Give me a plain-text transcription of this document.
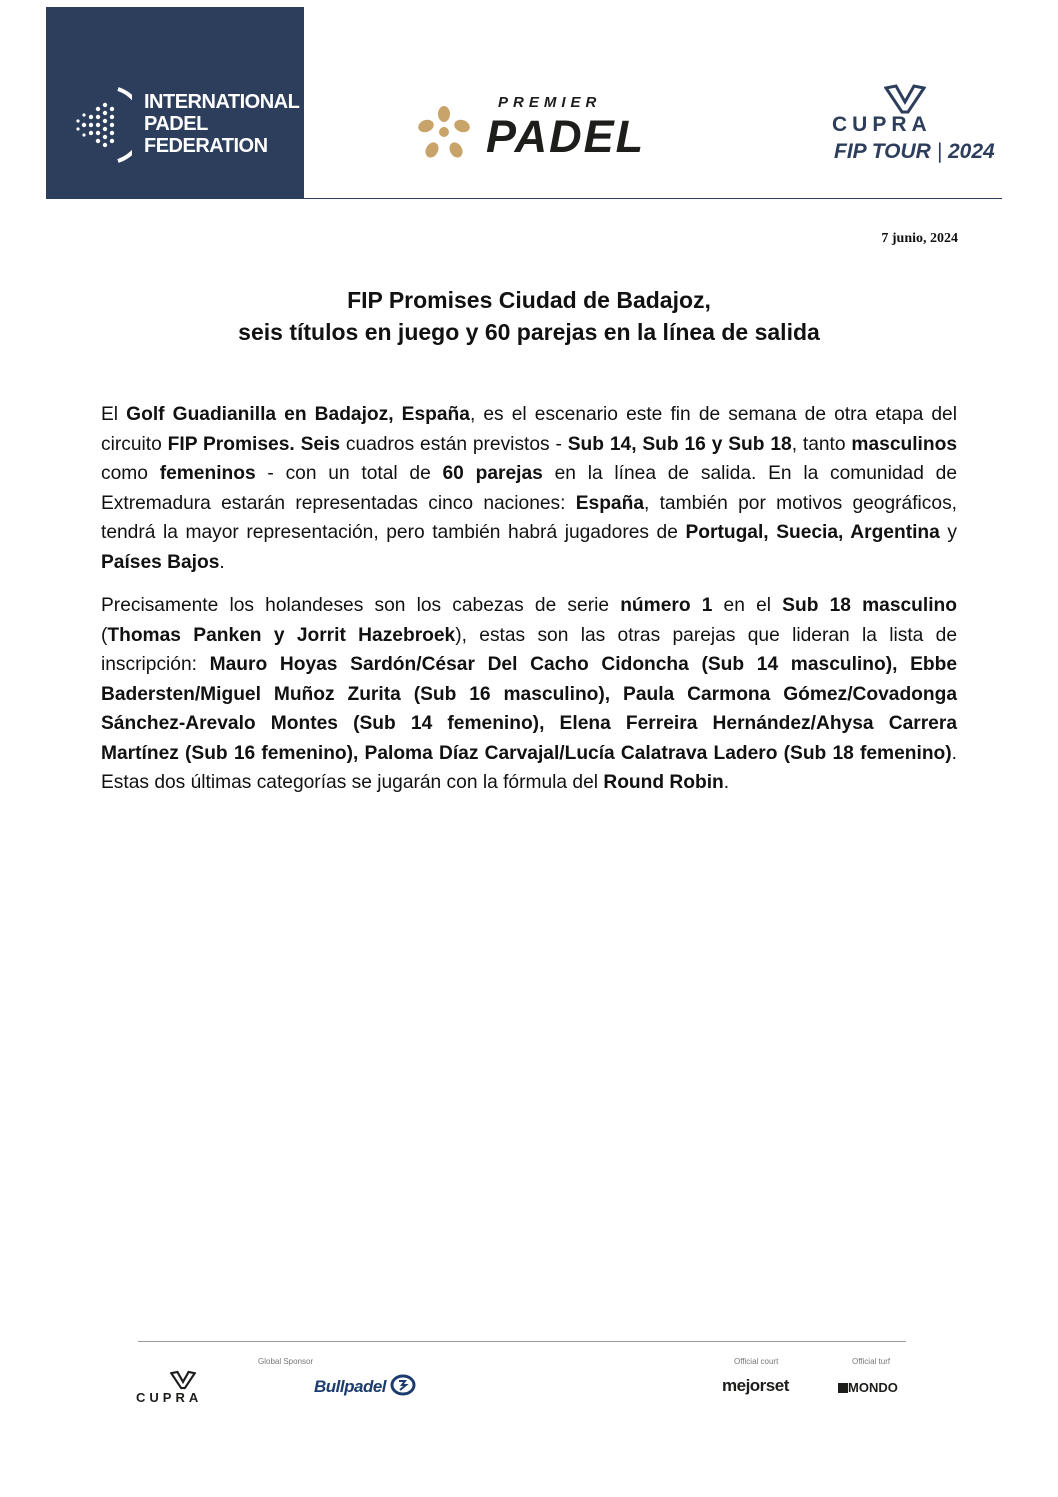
INTERNATIONAL
PADEL
FEDERATION
PREMIER
PADEL	CUPRA
FIP TOUR | 2024
7 junio, 2024
FIP Promises Ciudad de Badajoz,
seis títulos en juego y 60 parejas en la línea de salida

El Golf Guadianilla en Badajoz, España, es el escenario este fin de semana de otra etapa del circuito FIP Promises. Seis cuadros están previstos - Sub 14, Sub 16 y Sub 18, tanto masculinos como femeninos - con un total de 60 parejas en la línea de salida. En la comunidad de Extremadura estarán representadas cinco naciones: España, también por motivos geográficos, tendrá la mayor representación, pero también habrá jugadores de Portugal, Suecia, Argentina y Países Bajos.

Precisamente los holandeses son los cabezas de serie número 1 en el Sub 18 masculino (Thomas Panken y Jorrit Hazebroek), estas son las otras parejas que lideran la lista de inscripción: Mauro Hoyas Sardón/César Del Cacho Cidoncha (Sub 14 masculino), Ebbe Badersten/Miguel Muñoz Zurita (Sub 16 masculino), Paula Carmona Gómez/Covadonga Sánchez-Arevalo Montes (Sub 14 femenino), Elena Ferreira Hernández/Ahysa Carrera Martínez (Sub 16 femenino), Paloma Díaz Carvajal/Lucía Calatrava Ladero (Sub 18 femenino). Estas dos últimas categorías se jugarán con la fórmula del Round Robin.

CUPRA
Global Sponsor
Bullpadel
Official court
mejorset
Official turf
MONDO
